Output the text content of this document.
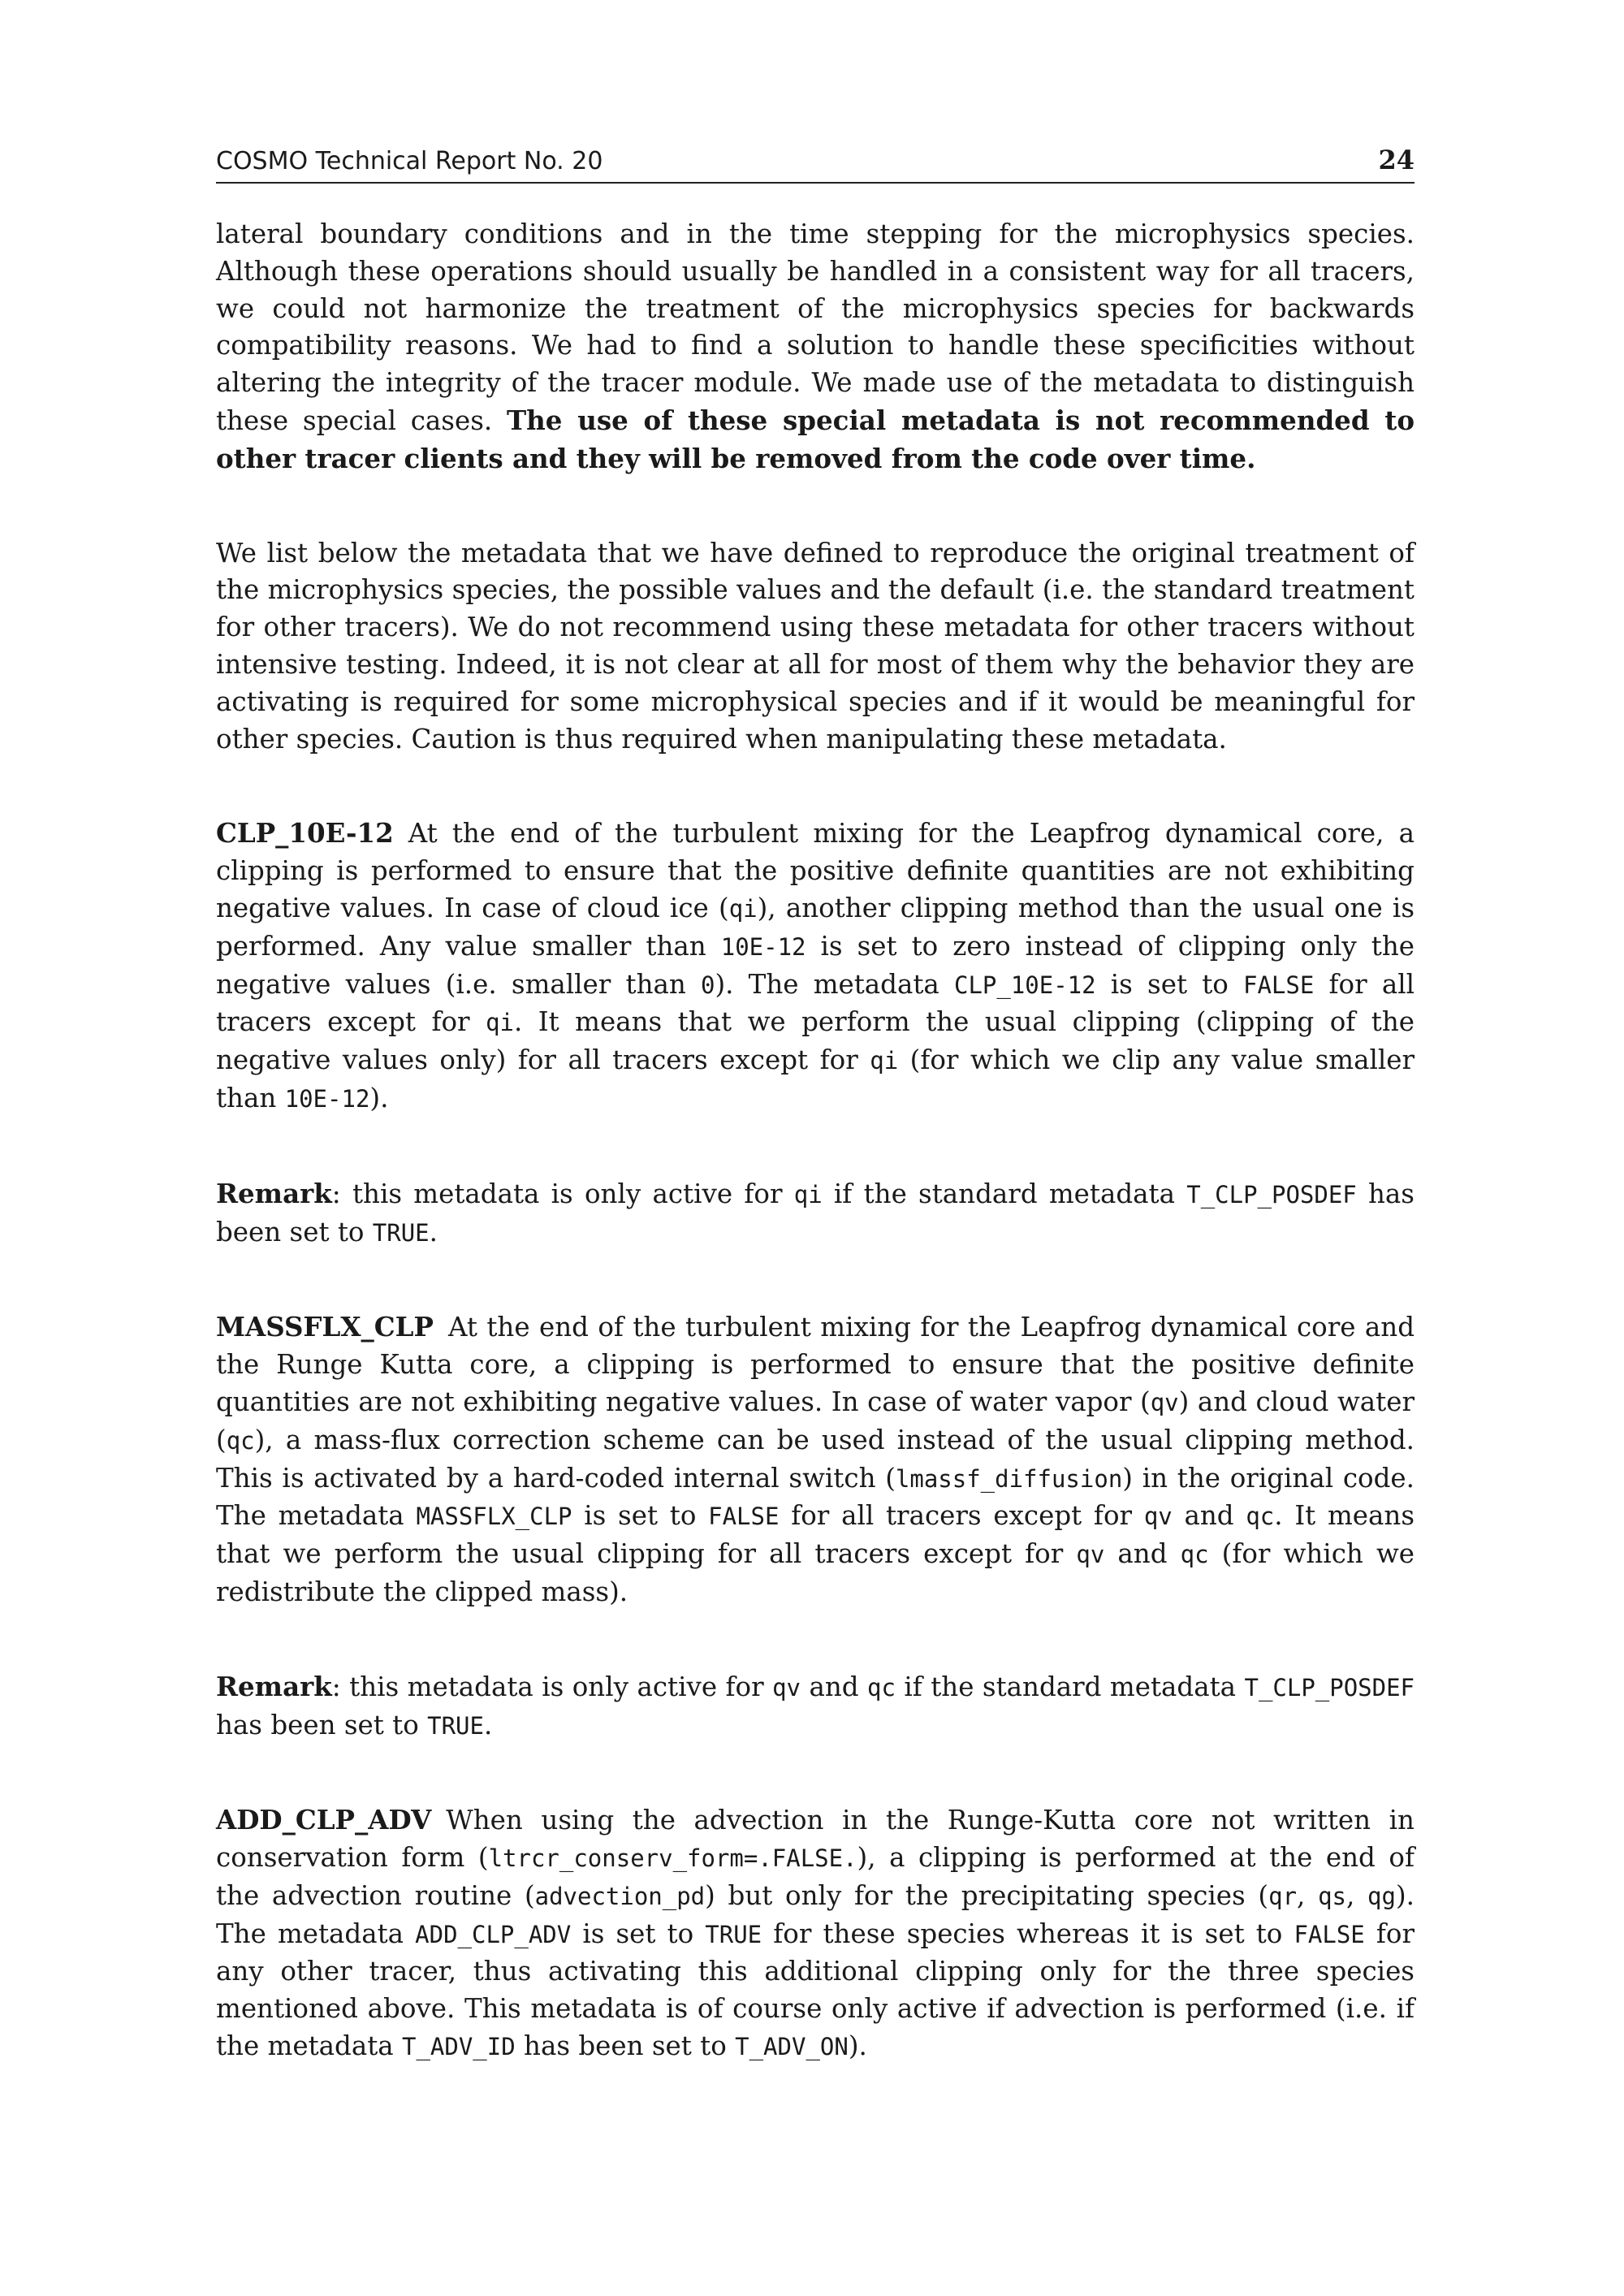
COSMO Technical Report No. 20	24

lateral boundary conditions and in the time stepping for the microphysics species. Although these operations should usually be handled in a consistent way for all tracers, we could not harmonize the treatment of the microphysics species for backwards compatibility reasons. We had to find a solution to handle these specificities without altering the integrity of the tracer module. We made use of the metadata to distinguish these special cases. The use of these special metadata is not recommended to other tracer clients and they will be removed from the code over time.

We list below the metadata that we have defined to reproduce the original treatment of the microphysics species, the possible values and the default (i.e. the standard treatment for other tracers). We do not recommend using these metadata for other tracers without intensive testing. Indeed, it is not clear at all for most of them why the behavior they are activating is required for some microphysical species and if it would be meaningful for other species. Caution is thus required when manipulating these metadata.

CLP_10E-12 At the end of the turbulent mixing for the Leapfrog dynamical core, a clipping is performed to ensure that the positive definite quantities are not exhibiting negative values. In case of cloud ice (qi), another clipping method than the usual one is performed. Any value smaller than 10E-12 is set to zero instead of clipping only the negative values (i.e. smaller than 0). The metadata CLP_10E-12 is set to FALSE for all tracers except for qi. It means that we perform the usual clipping (clipping of the negative values only) for all tracers except for qi (for which we clip any value smaller than 10E-12).

Remark: this metadata is only active for qi if the standard metadata T_CLP_POSDEF has been set to TRUE.

MASSFLX_CLP At the end of the turbulent mixing for the Leapfrog dynamical core and the Runge Kutta core, a clipping is performed to ensure that the positive definite quantities are not exhibiting negative values. In case of water vapor (qv) and cloud water (qc), a mass-flux correction scheme can be used instead of the usual clipping method. This is activated by a hard-coded internal switch (lmassf_diffusion) in the original code. The metadata MASSFLX_CLP is set to FALSE for all tracers except for qv and qc. It means that we perform the usual clipping for all tracers except for qv and qc (for which we redistribute the clipped mass).

Remark: this metadata is only active for qv and qc if the standard metadata T_CLP_POSDEF has been set to TRUE.

ADD_CLP_ADV When using the advection in the Runge-Kutta core not written in conservation form (ltrcr_conserv_form=.FALSE.), a clipping is performed at the end of the advection routine (advection_pd) but only for the precipitating species (qr, qs, qg). The metadata ADD_CLP_ADV is set to TRUE for these species whereas it is set to FALSE for any other tracer, thus activating this additional clipping only for the three species mentioned above. This metadata is of course only active if advection is performed (i.e. if the metadata T_ADV_ID has been set to T_ADV_ON).
